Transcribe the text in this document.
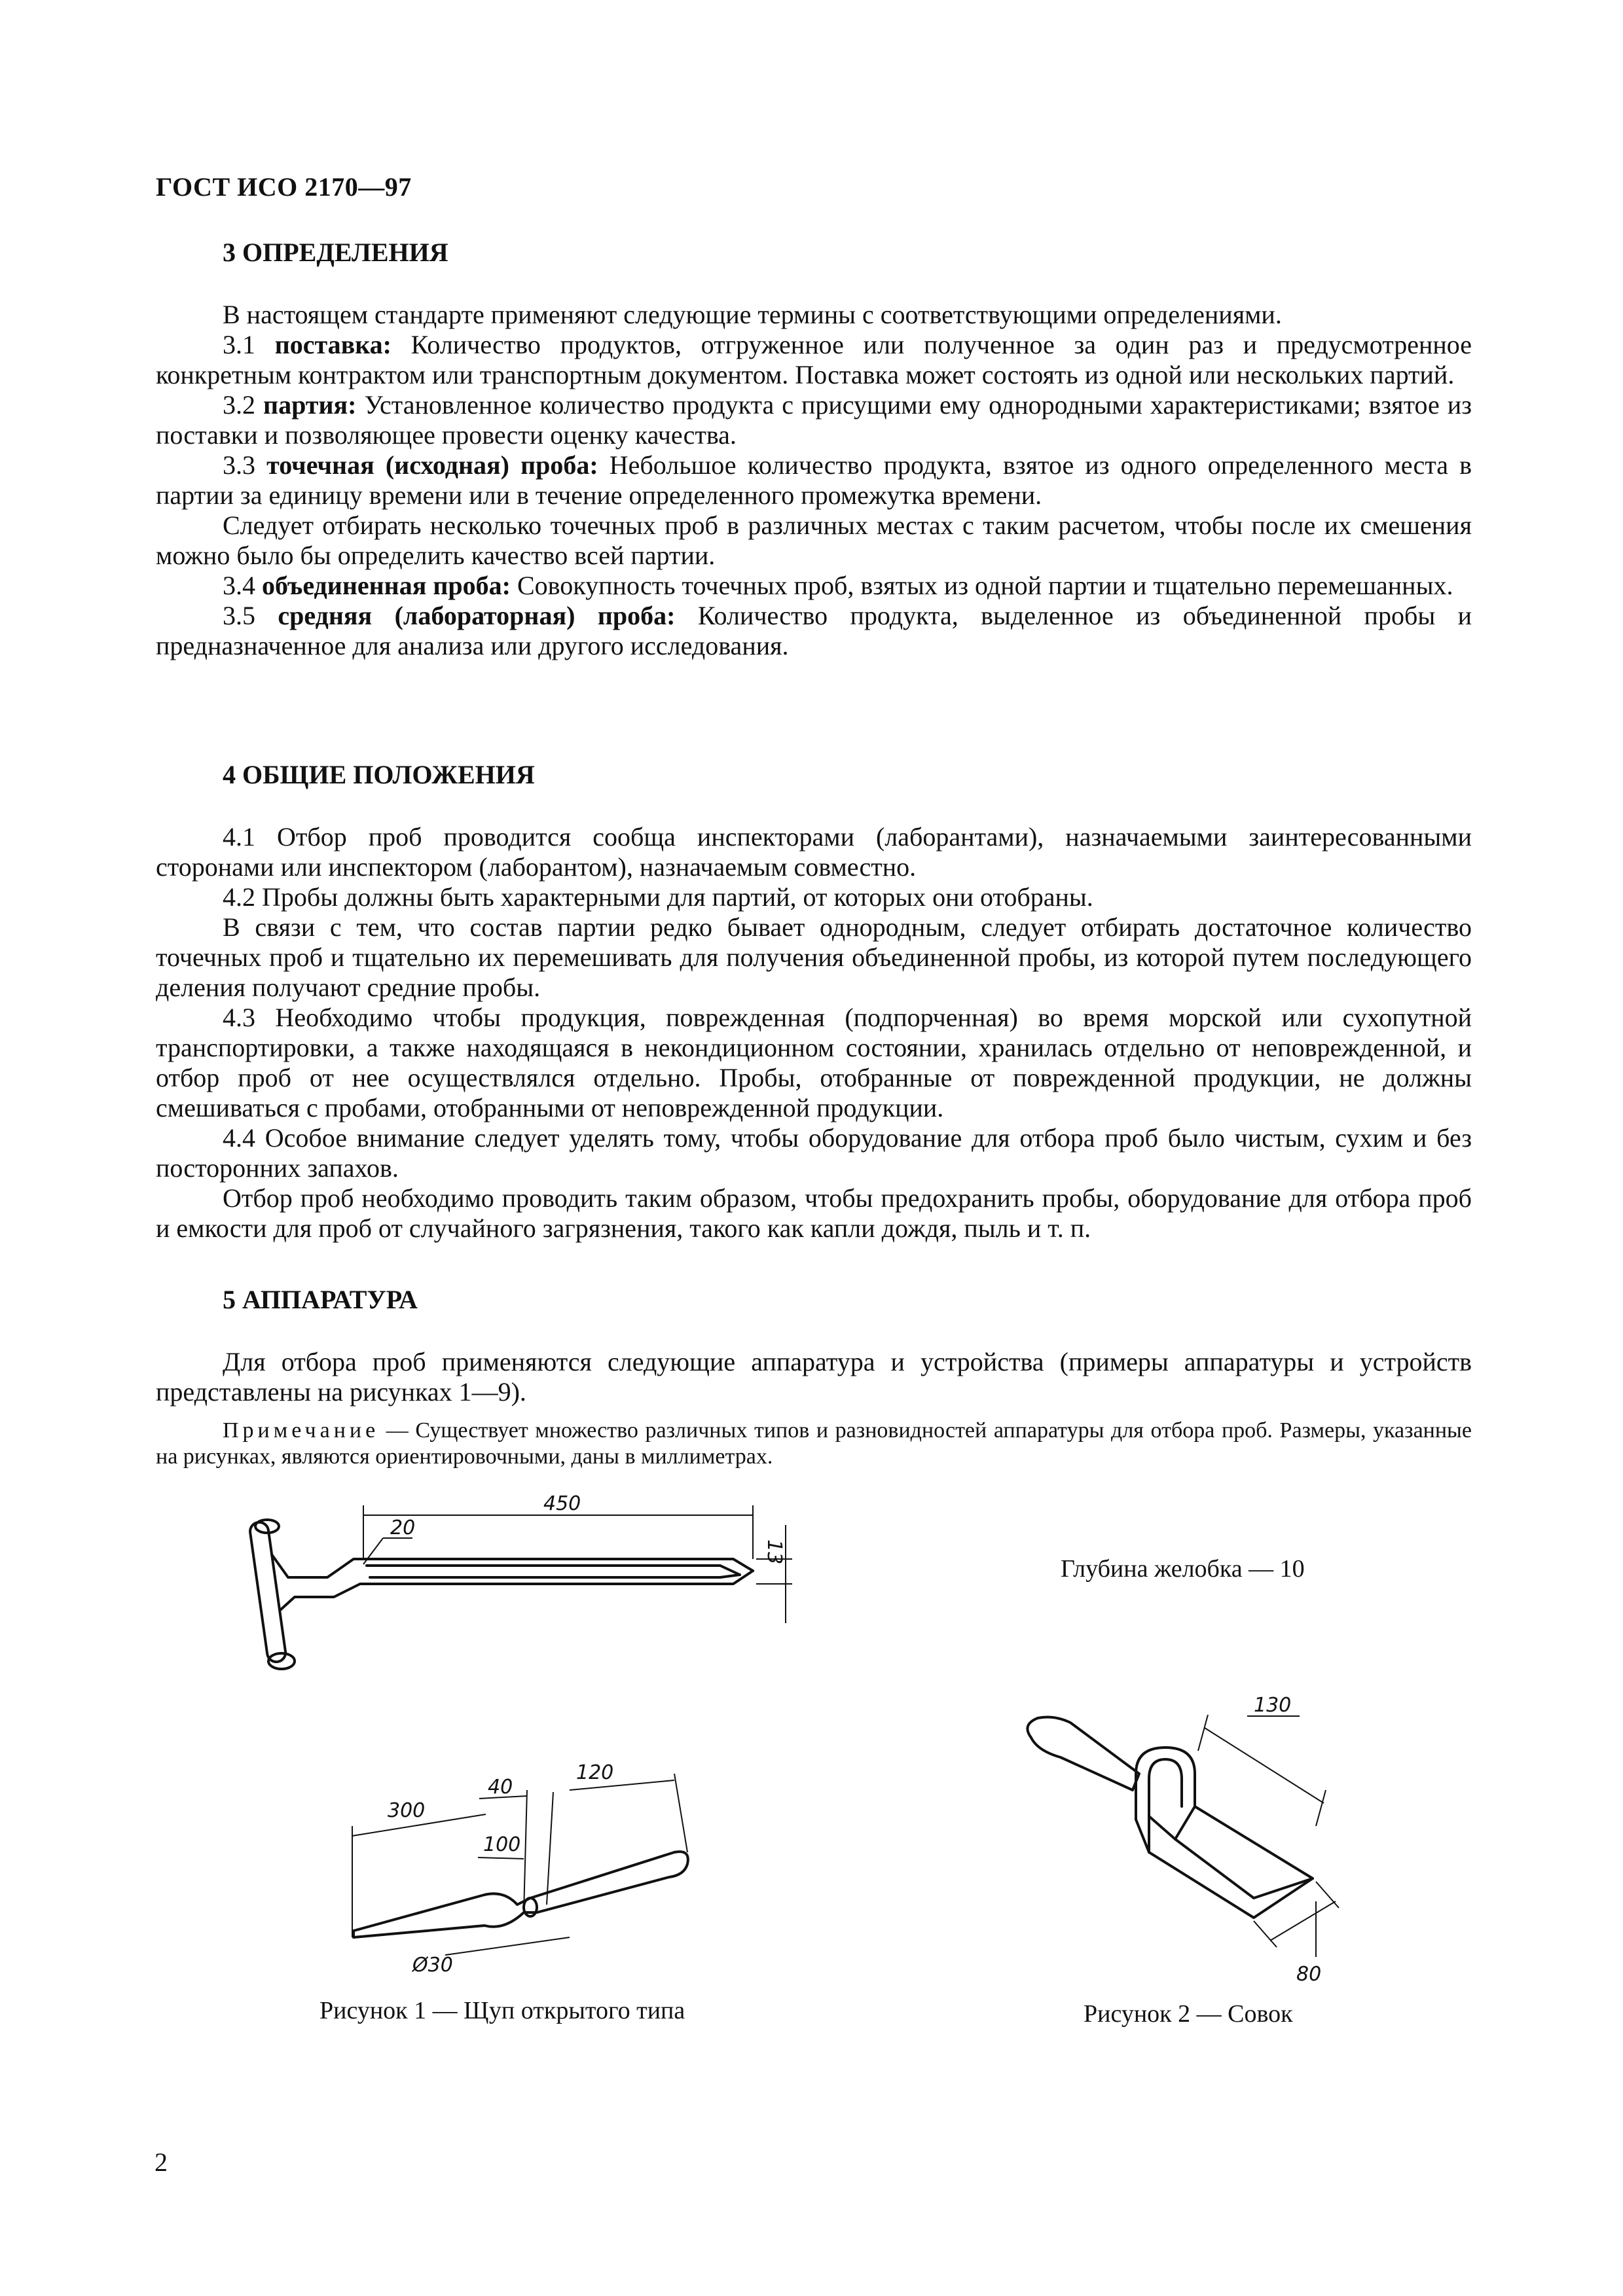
ГОСТ ИСО 2170—97

3 ОПРЕДЕЛЕНИЯ

В настоящем стандарте применяют следующие термины с соответствующими определениями.

3.1 поставка: Количество продуктов, отгруженное или полученное за один раз и предусмотренное конкретным контрактом или транспортным документом. Поставка может состоять из одной или нескольких партий.

3.2 партия: Установленное количество продукта с присущими ему однородными характеристиками; взятое из поставки и позволяющее провести оценку качества.

3.3 точечная (исходная) проба: Небольшое количество продукта, взятое из одного определенного места в партии за единицу времени или в течение определенного промежутка времени.

Следует отбирать несколько точечных проб в различных местах с таким расчетом, чтобы после их смешения можно было бы определить качество всей партии.

3.4 объединенная проба: Совокупность точечных проб, взятых из одной партии и тщательно перемешанных.

3.5 средняя (лабораторная) проба: Количество продукта, выделенное из объединенной пробы и предназначенное для анализа или другого исследования.

4 ОБЩИЕ ПОЛОЖЕНИЯ

4.1 Отбор проб проводится сообща инспекторами (лаборантами), назначаемыми заинтересованными сторонами или инспектором (лаборантом), назначаемым совместно.

4.2 Пробы должны быть характерными для партий, от которых они отобраны.

В связи с тем, что состав партии редко бывает однородным, следует отбирать достаточное количество точечных проб и тщательно их перемешивать для получения объединенной пробы, из которой путем последующего деления получают средние пробы.

4.3 Необходимо чтобы продукция, поврежденная (подпорченная) во время морской или сухопутной транспортировки, а также находящаяся в некондиционном состоянии, хранилась отдельно от неповрежденной, и отбор проб от нее осуществлялся отдельно. Пробы, отобранные от поврежденной продукции, не должны смешиваться с пробами, отобранными от неповрежденной продукции.

4.4 Особое внимание следует уделять тому, чтобы оборудование для отбора проб было чистым, сухим и без посторонних запахов.

Отбор проб необходимо проводить таким образом, чтобы предохранить пробы, оборудование для отбора проб и емкости для проб от случайного загрязнения, такого как капли дождя, пыль и т. п.

5 АППАРАТУРА

Для отбора проб применяются следующие аппаратура и устройства (примеры аппаратуры и устройств представлены на рисунках 1—9).

Примечание — Существует множество различных типов и разновидностей аппаратуры для отбора проб. Размеры, указанные на рисунках, являются ориентировочными, даны в миллиметрах.

450
20
13
300
40
120
100
Ø30
Глубина желобка — 10
130
80
Рисунок 1 — Щуп открытого типа	Рисунок 2 — Совок
2
